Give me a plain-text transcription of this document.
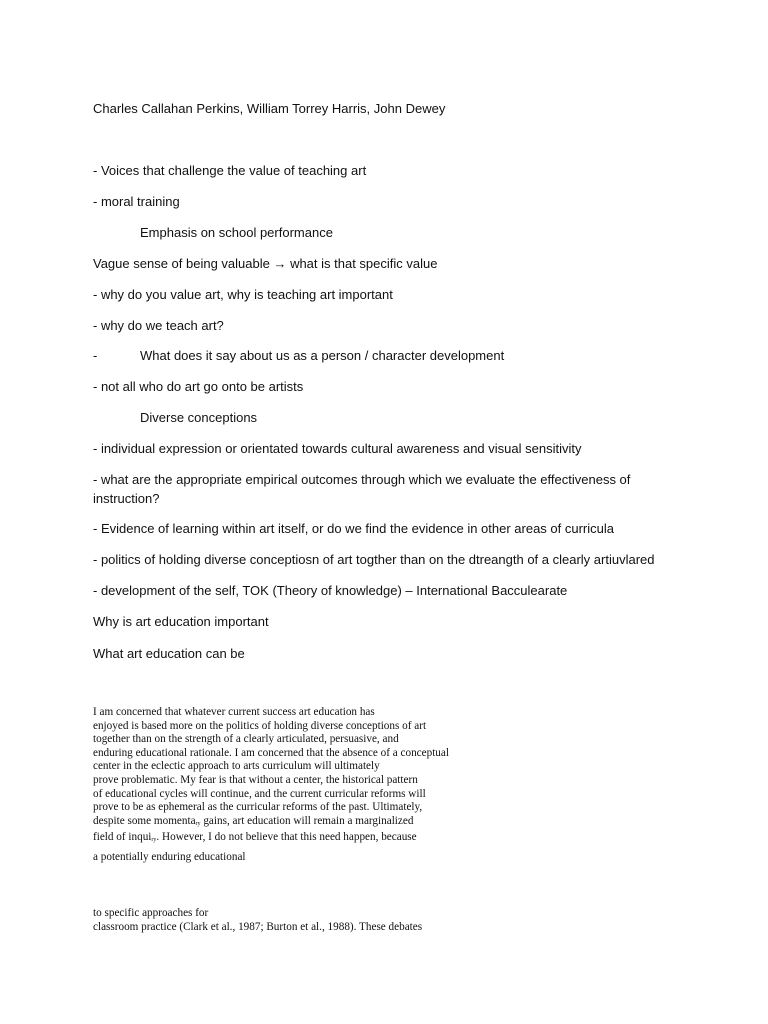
Charles Callahan Perkins, William Torrey Harris, John Dewey
- Voices that challenge the value of teaching art
- moral training
Emphasis on school performance
Vague sense of being valuable → what is that specific value
- why do you value art, why is teaching art important
- why do we teach art?
-	What does it say about us as a person / character development
- not all who do art go onto be artists
Diverse conceptions
- individual expression or orientated towards cultural awareness and visual sensitivity
- what are the appropriate empirical outcomes through which we evaluate the effectiveness of instruction?
- Evidence of learning within art itself, or do we find the evidence in other areas of curricula
- politics of holding diverse conceptiosn of art togther than on the dtreangth of a clearly artiuvlared
- development of the self, TOK (Theory of knowledge) – International Bacculearate
Why is art education important
What art education can be
I am concerned that whatever current success art education has
enjoyed is based more on the politics of holding diverse conceptions of art
together than on the strength of a clearly articulated, persuasive, and
enduring educational rationale. I am concerned that the absence of a conceptual
center in the eclectic approach to arts curriculum will ultimately
prove problematic. My fear is that without a center, the historical pattern
of educational cycles will continue, and the current curricular reforms will
prove to be as ephemeral as the curricular reforms of the past. Ultimately,
despite some momentary gains, art education will remain a marginalized
field of inquiry. However, I do not believe that this need happen, because
a potentially enduring educational
to specific approaches for
classroom practice (Clark et al., 1987; Burton et al., 1988). These debates
